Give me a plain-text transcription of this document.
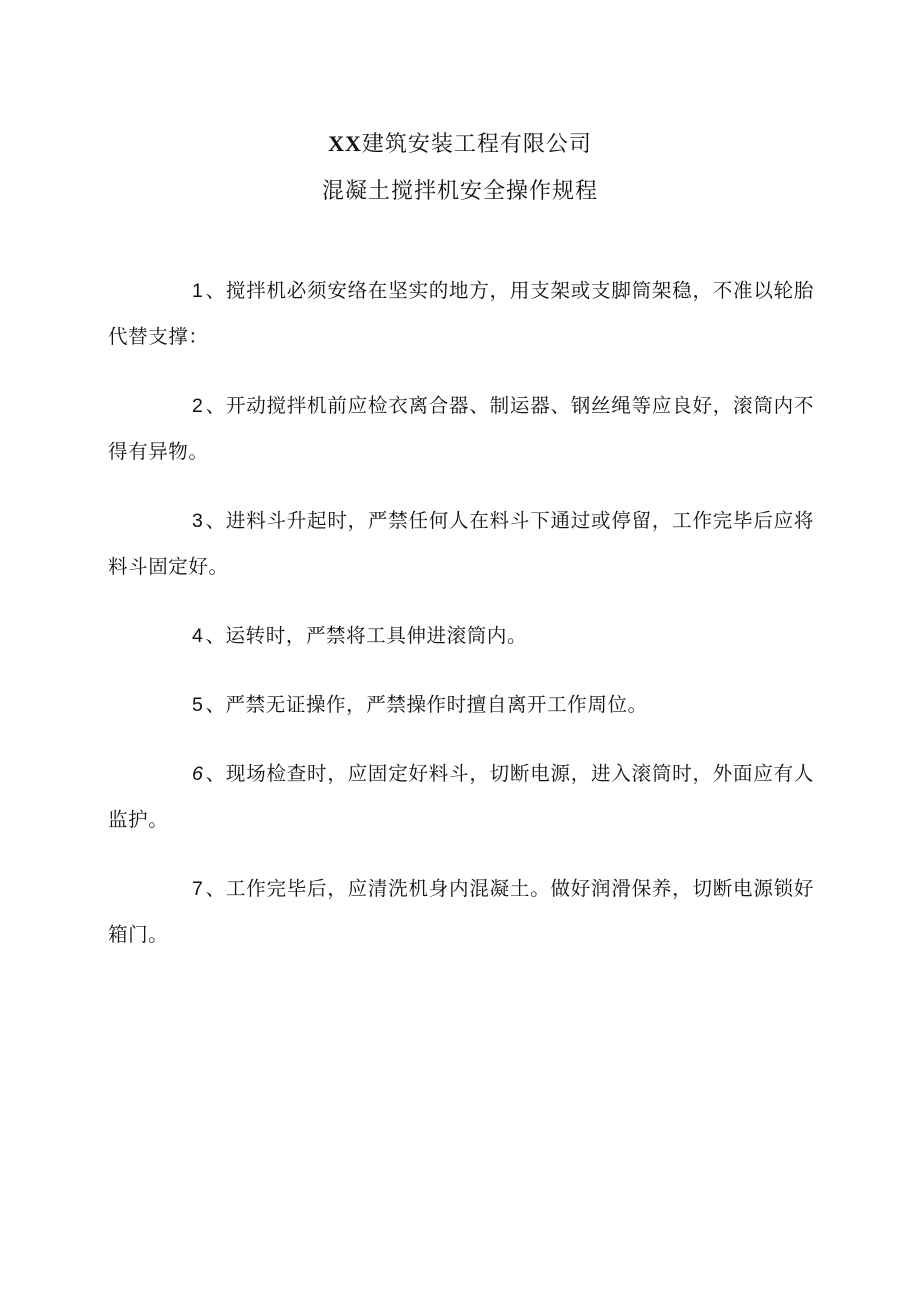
XX建筑安装工程有限公司
混凝土搅拌机安全操作规程

1 、搅拌机必须安络在坚实的地方，用支架或支脚筒架稳，不准以轮胎代替支撑：

2 、开动搅拌机前应检衣离合器、制运器、钢丝绳等应良好，滚筒内不得有异物。

3 、进料斗升起时，严禁任何人在料斗下通过或停留，工作完毕后应将料斗固定好。

4 、运转时，严禁将工具伸进滚筒内。

5 、严禁无证操作，严禁操作时擅自离开工作周位。

6 、现场检查时，应固定好料斗，切断电源，进入滚筒时，外面应有人监护。

7 、工作完毕后，应清洗机身内混凝土。做好润滑保养，切断电源锁好箱门。
